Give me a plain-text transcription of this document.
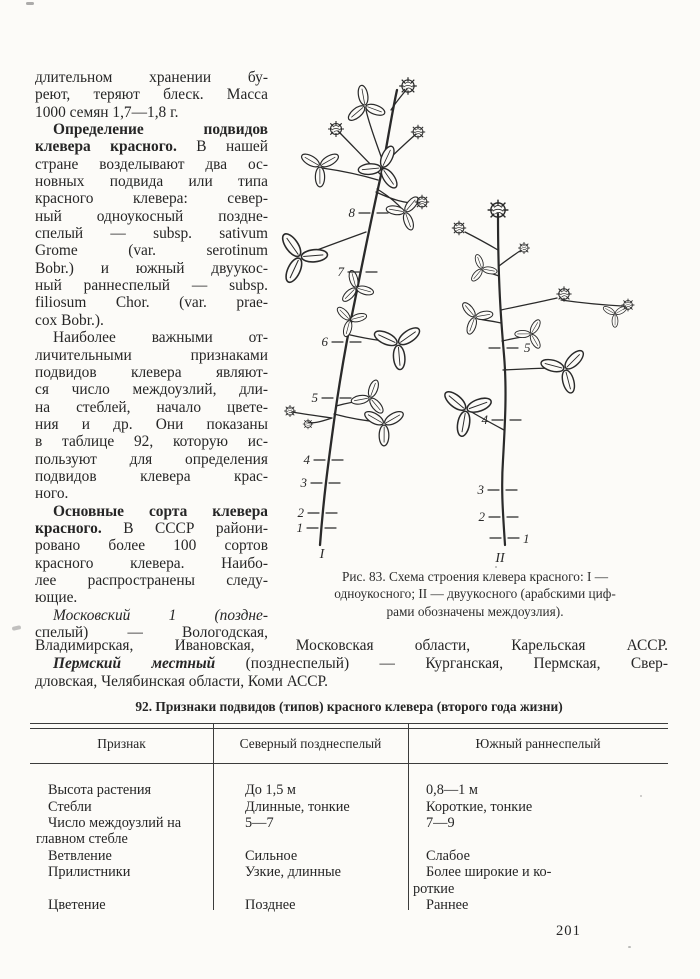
длительном хранении бу-
реют, теряют блеск. Масса
1000 семян 1,7—1,8 г.
Определение подвидов
клевера красного. В нашей
стране возделывают два ос-
новных подвида или типа
красного клевера: север-
ный одноукосный поздне-
спелый — subsp. sativum
Grome (var. serotinum
Bobr.) и южный двуукос-
ный раннеспелый — subsp.
filiosum Chor. (var. prae-
cox Bobr.).
Наиболее важными от-
личительными признаками
подвидов клевера являют-
ся число междоузлий, дли-
на стеблей, начало цвете-
ния и др. Они показаны
в таблице 92, которую ис-
пользуют для определения
подвидов клевера крас-
ного.
Основные сорта клевера
красного. В СССР райони-
ровано более 100 сортов
красного клевера. Наибо-
лее распространены следу-
ющие.
Московский 1 (поздне-
спелый) — Вологодская,
1
2
3
4
5
6
7
8
I
1
2
3
4
5
II
Рис. 83. Схема строения клевера красного: I —
одноукосного; II — двуукосного (арабскими циф-
рами обозначены междоузлия).
Владимирская, Ивановская, Московская области, Карельская АССР.
Пермский местный (позднеспелый) — Курганская, Пермская, Свер-
дловская, Челябинская области, Коми АССР.
92. Признаки подвидов (типов) красного клевера (второго года жизни)
Признак	Северный позднеспелый	Южный раннеспелый
Высота растения	До 1,5 м	0,8—1 м
Стебли	Длинные, тонкие	Короткие, тонкие
Число междоузлий на	5—7	7—9
главном стебле
Ветвление	Сильное	Слабое
Прилистники	Узкие, длинные	Более широкие и ко-
роткие
Цветение	Позднее	Раннее
201
